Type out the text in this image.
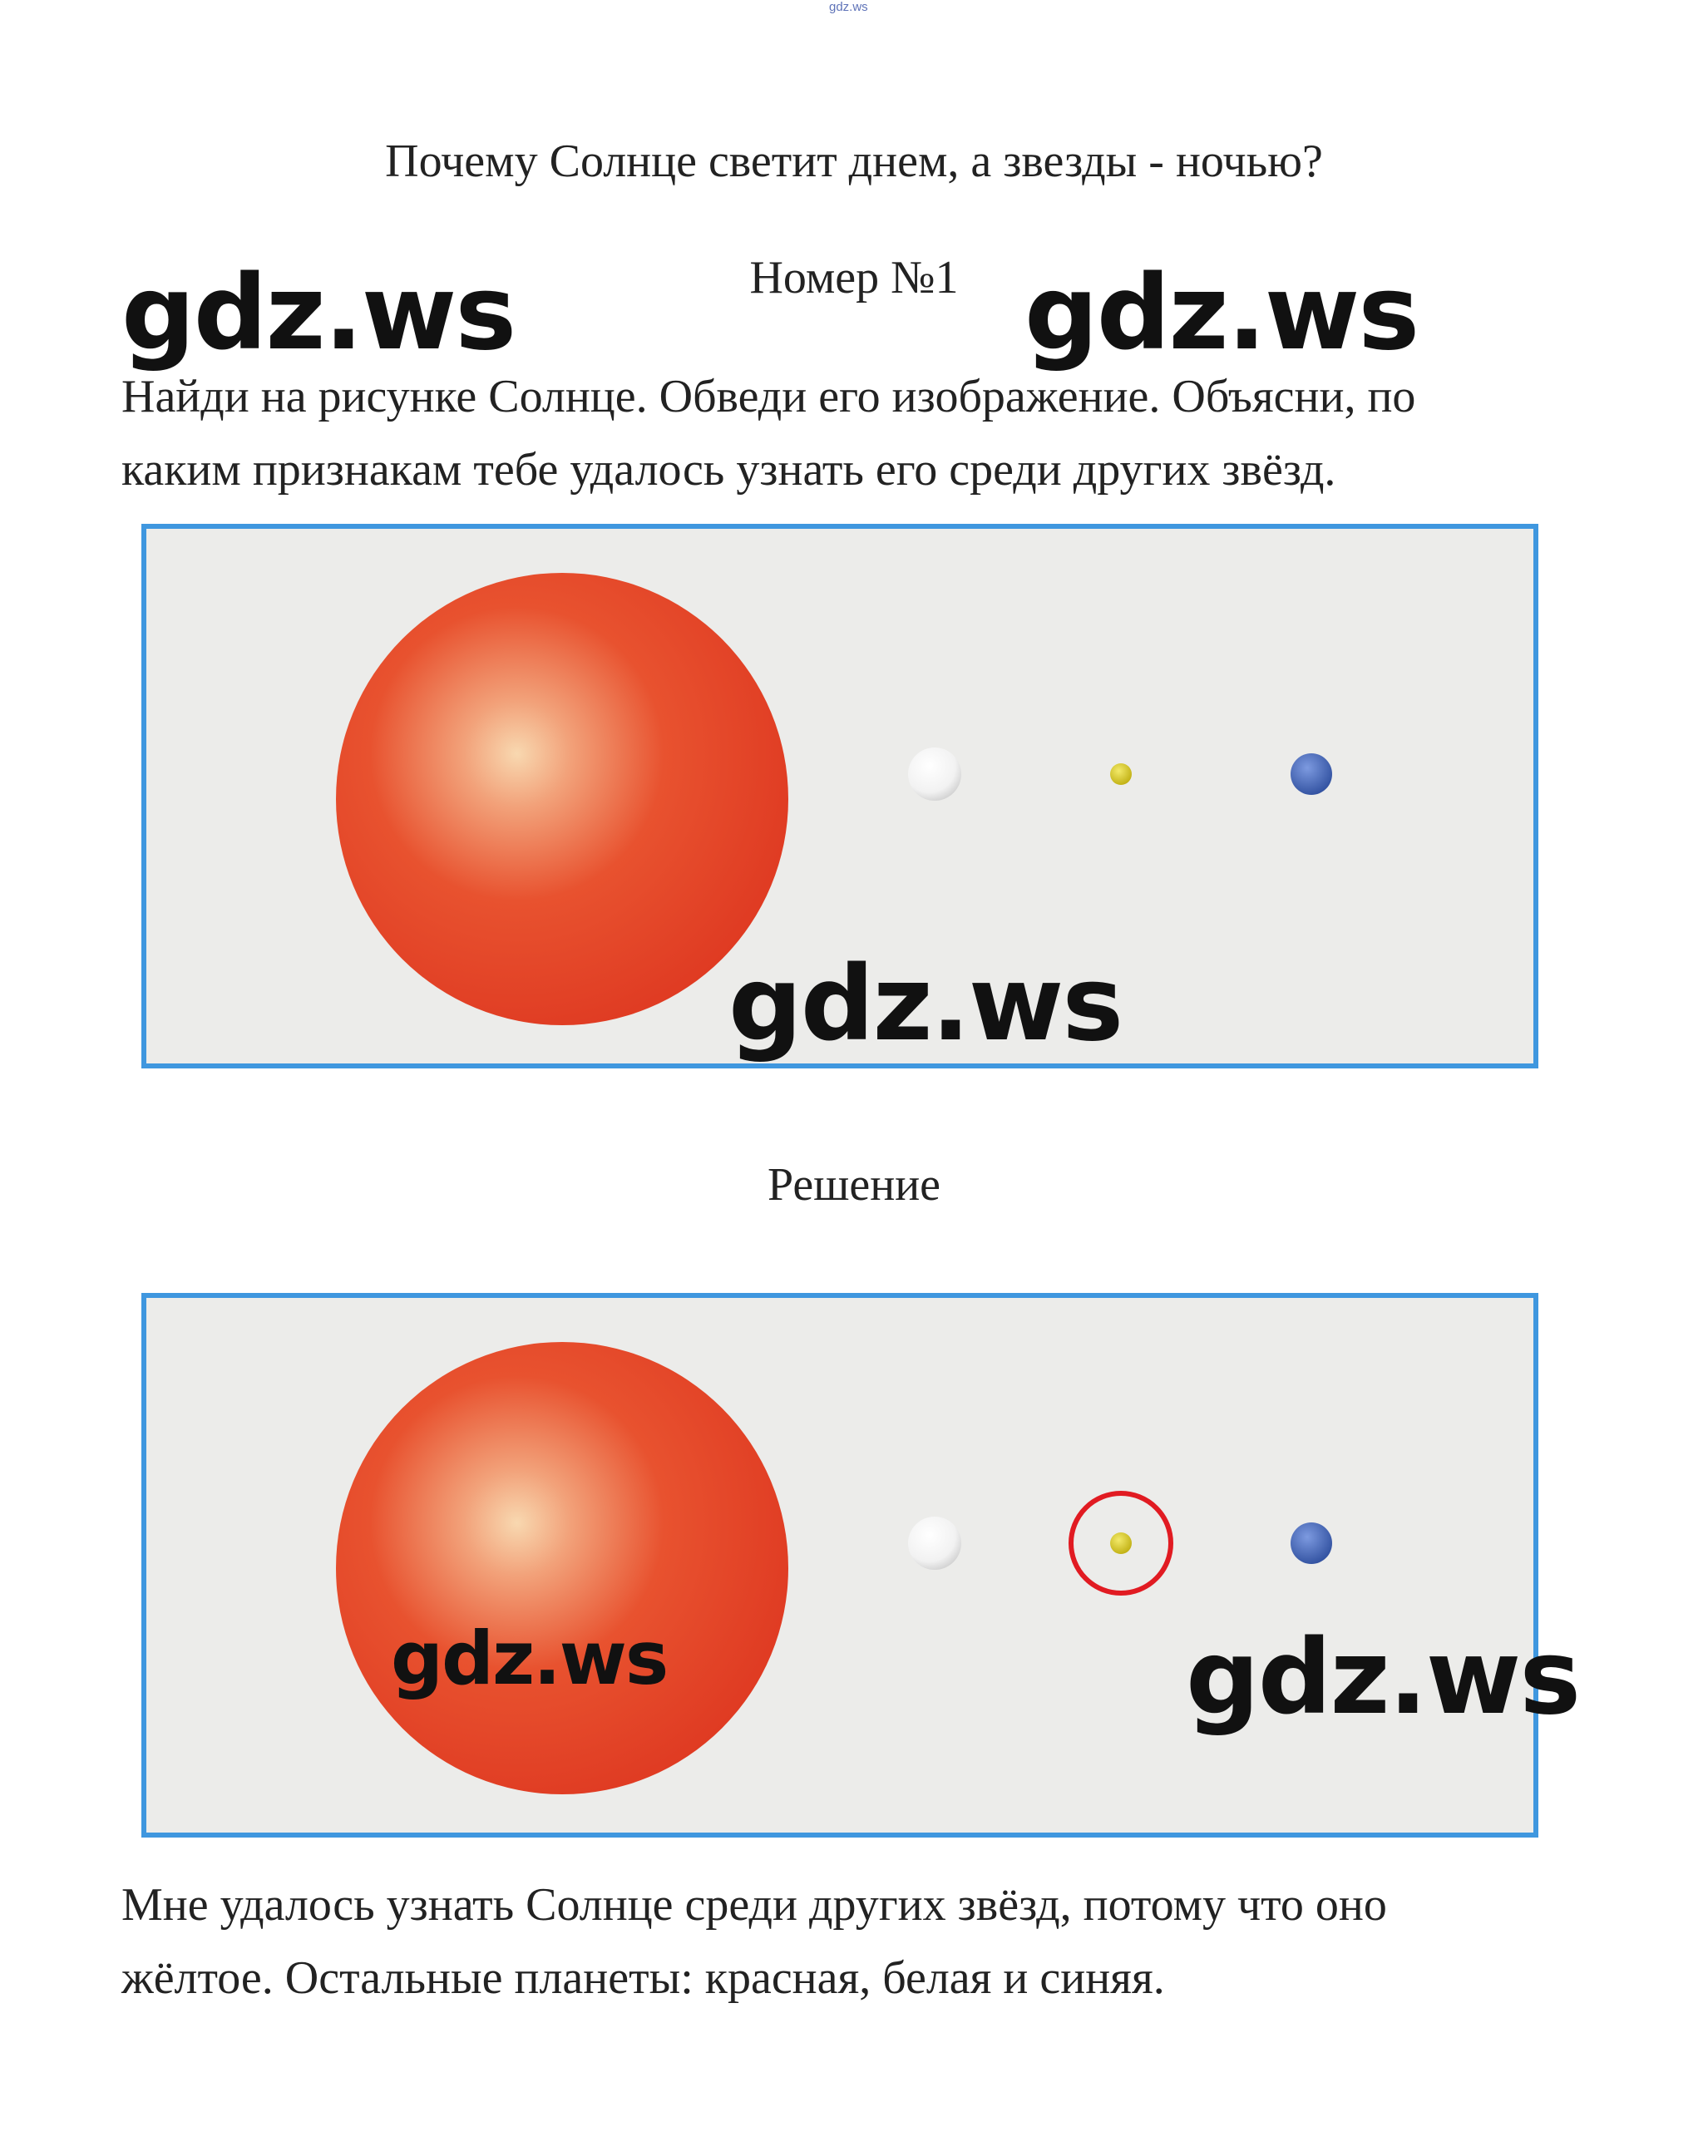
gdz.ws
Почему Солнце светит днем, а звезды - ночью?
Номер №1
gdz.ws	gdz.ws
Найди на рисунке Солнце. Обведи его изображение. Объясни, по
каким признакам тебе удалось узнать его среди других звёзд.
gdz.ws
Решение
gdz.ws	gdz.ws
Мне удалось узнать Солнце среди других звёзд, потому что оно
жёлтое. Остальные планеты: красная, белая и синяя.
